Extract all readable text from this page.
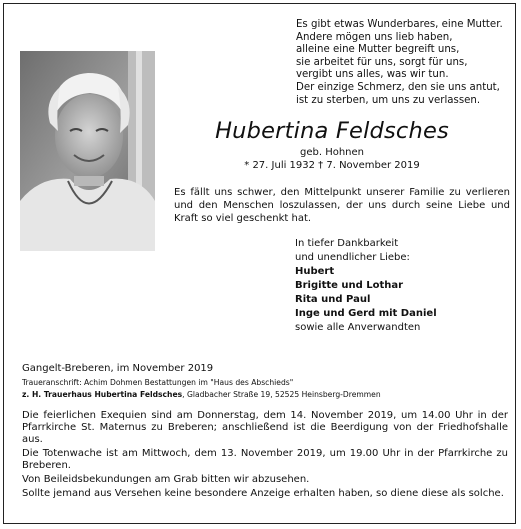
Es gibt etwas Wunderbares, eine Mutter.
Andere mögen uns lieb haben,
alleine eine Mutter begreift uns,
sie arbeitet für uns, sorgt für uns,
vergibt uns alles, was wir tun.
Der einzige Schmerz, den sie uns antut,
ist zu sterben, um uns zu verlassen.
Hubertina Feldsches
geb. Hohnen
* 27. Juli 1932 † 7. November 2019
Es fällt uns schwer, den Mittelpunkt unserer Familie zu verlieren und den Menschen loszulassen, der uns durch seine Liebe und Kraft so viel geschenkt hat.
In tiefer Dankbarkeit
und unendlicher Liebe:
Hubert
Brigitte und Lothar
Rita und Paul
Inge und Gerd mit Daniel
sowie alle Anverwandten
Gangelt-Breberen, im November 2019
Traueranschrift: Achim Dohmen Bestattungen im "Haus des Abschieds"
z. H. Trauerhaus Hubertina Feldsches, Gladbacher Straße 19, 52525 Heinsberg-Dremmen

Die feierlichen Exequien sind am Donnerstag, dem 14. November 2019, um 14.00 Uhr in der Pfarrkirche St. Maternus zu Breberen; anschließend ist die Beerdigung von der Friedhofshalle aus.

Die Totenwache ist am Mittwoch, dem 13. November 2019, um 19.00 Uhr in der Pfarrkirche zu Breberen.

Von Beileidsbekundungen am Grab bitten wir abzusehen.

Sollte jemand aus Versehen keine besondere Anzeige erhalten haben, so diene diese als solche.
